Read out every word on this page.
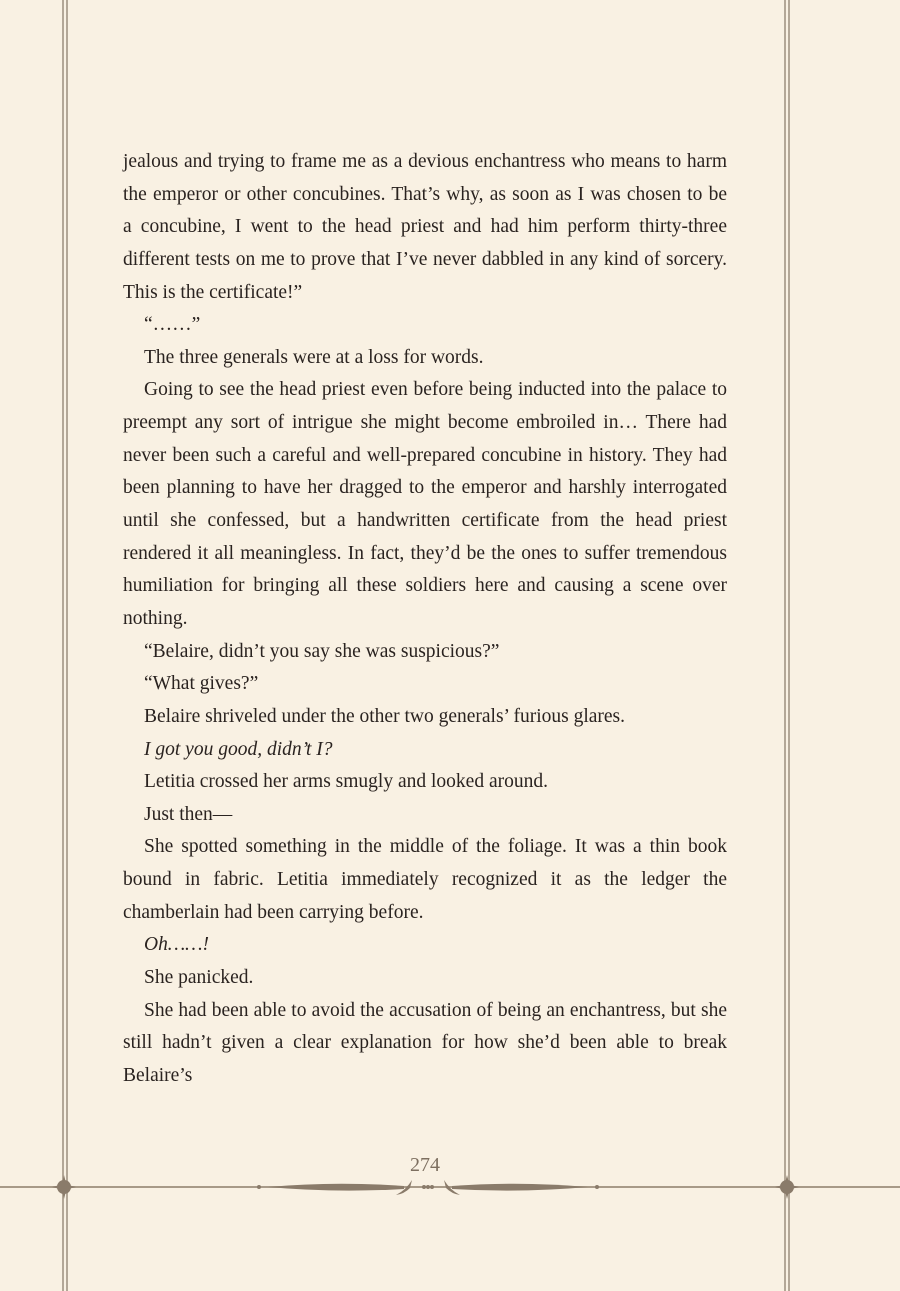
jealous and trying to frame me as a devious enchantress who means to harm
the emperor or other concubines. That’s why, as soon as I was chosen to be
a concubine, I went to the head priest and had him perform thirty-three
different tests on me to prove that I’ve never dabbled in any kind of sorcery.
This is the certificate!”
“……”
The three generals were at a loss for words.
Going to see the head priest even before being inducted into the palace to
preempt any sort of intrigue she might become embroiled in… There had
never been such a careful and well-prepared concubine in history. They had
been planning to have her dragged to the emperor and harshly interrogated
until she confessed, but a handwritten certificate from the head priest
rendered it all meaningless. In fact, they’d be the ones to suffer tremendous
humiliation for bringing all these soldiers here and causing a scene over
nothing.
“Belaire, didn’t you say she was suspicious?”
“What gives?”
Belaire shriveled under the other two generals’ furious glares.
I got you good, didn’t I?
Letitia crossed her arms smugly and looked around.
Just then—
She spotted something in the middle of the foliage. It was a thin book
bound in fabric. Letitia immediately recognized it as the ledger the
chamberlain had been carrying before.
Oh……!
She panicked.
She had been able to avoid the accusation of being an enchantress, but she
still hadn’t given a clear explanation for how she’d been able to break Belaire’s
274
